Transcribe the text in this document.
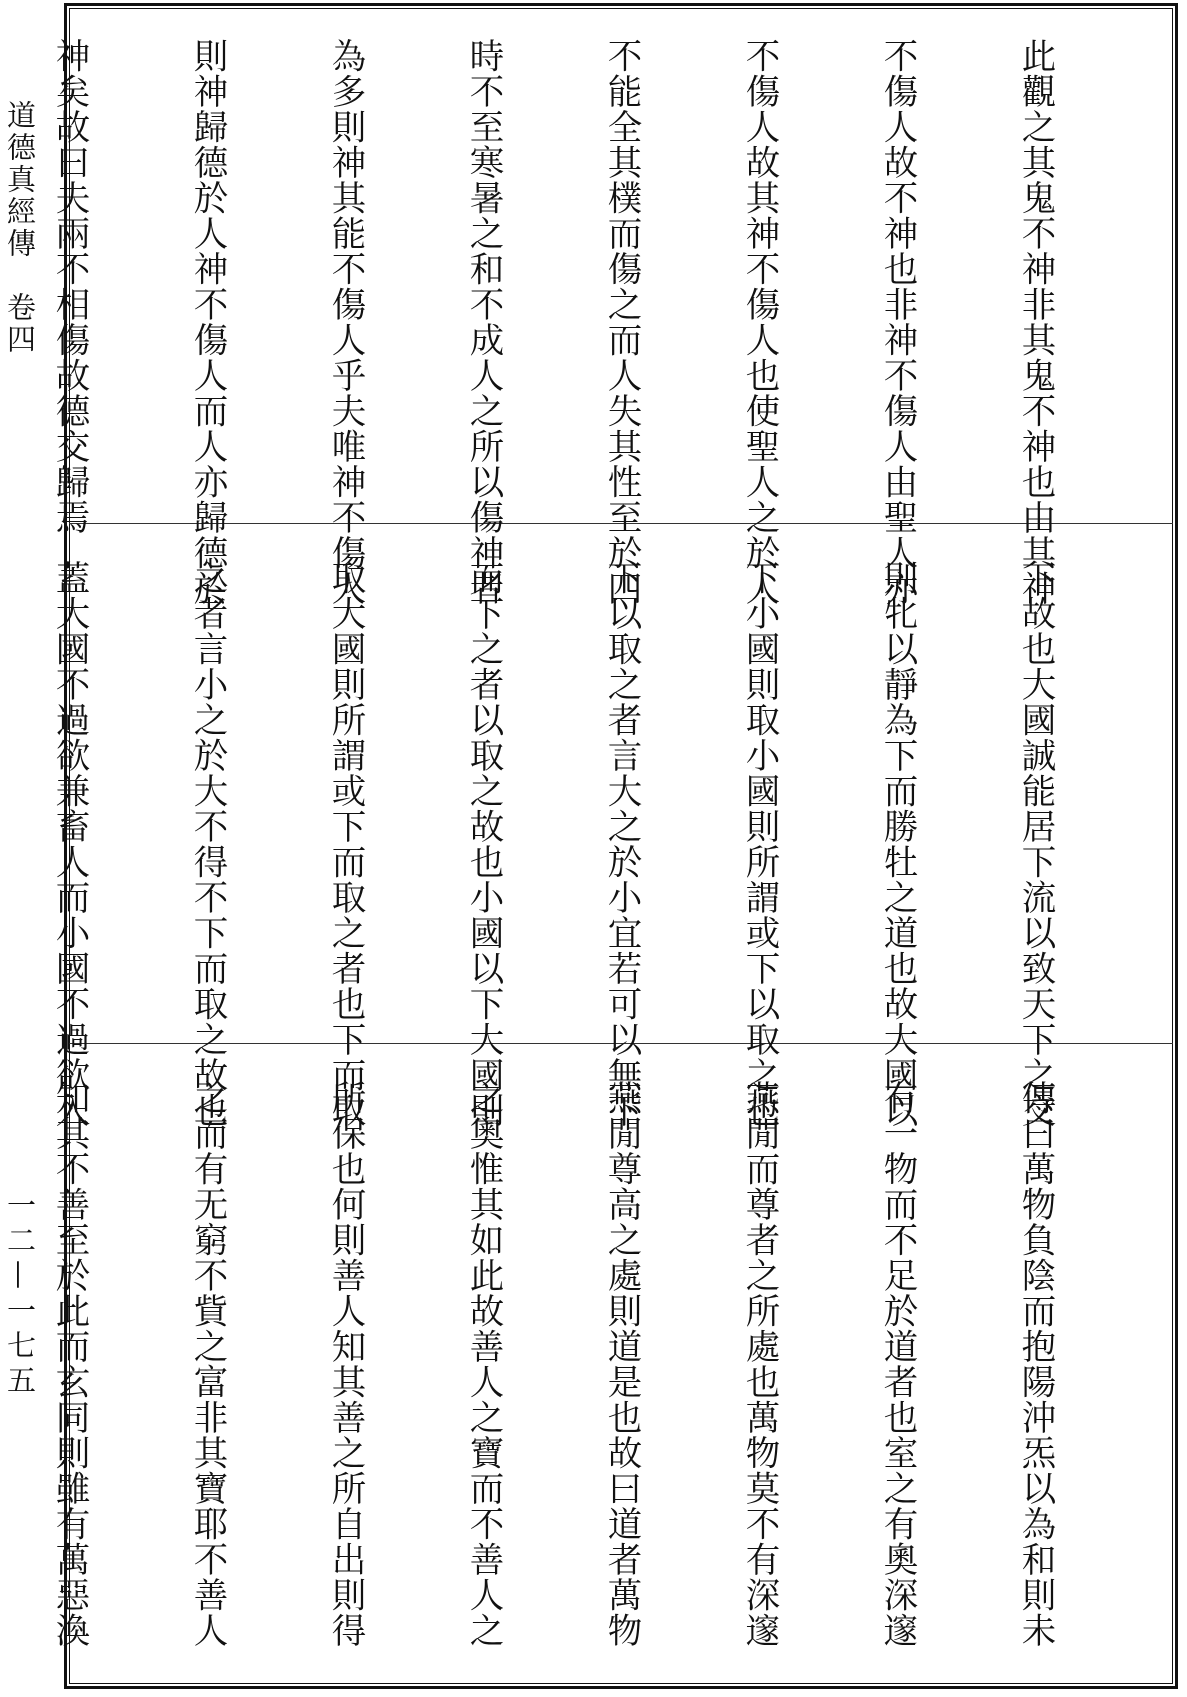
道德真經傳　卷四
一二—一七五

此觀之其鬼不神非其鬼不神也由其神

不傷人故不神也非神不傷人由聖人亦

不傷人故其神不傷人也使聖人之於人

不能全其樸而傷之而人失其性至於四

時不至寒暑之和不成人之所以傷神者

為多則神其能不傷人乎夫唯神不傷人

則神歸德於人神不傷人而人亦歸德於

神矣故曰夫兩不相傷故德交歸焉

下故也大國誠能居下流以致天下之交

則牝以靜為下而勝牡之道也故大國以

下小國則取小國則所謂或下以取之也

下以取之者言大之於小宜若可以無下

而下之者以取之故也小國以下大國則

取大國則所謂或下而取之者也下而取

之者言小之於大不得不下而取之故也

蓋大國不過欲兼畜人而小國不過欲入

傳曰萬物負陰而抱陽沖炁以為和則未

有一物而不足於道者也室之有奧深邃

燕閒而尊者之所處也萬物莫不有深邃

燕閒尊高之處則道是也故曰道者萬物

之奧惟其如此故善人之寶而不善人之

所保也何則善人知其善之所自出則得

之而有无窮不貲之富非其寶耶不善人

知其不善至於此而玄同則雖有萬惡渙
